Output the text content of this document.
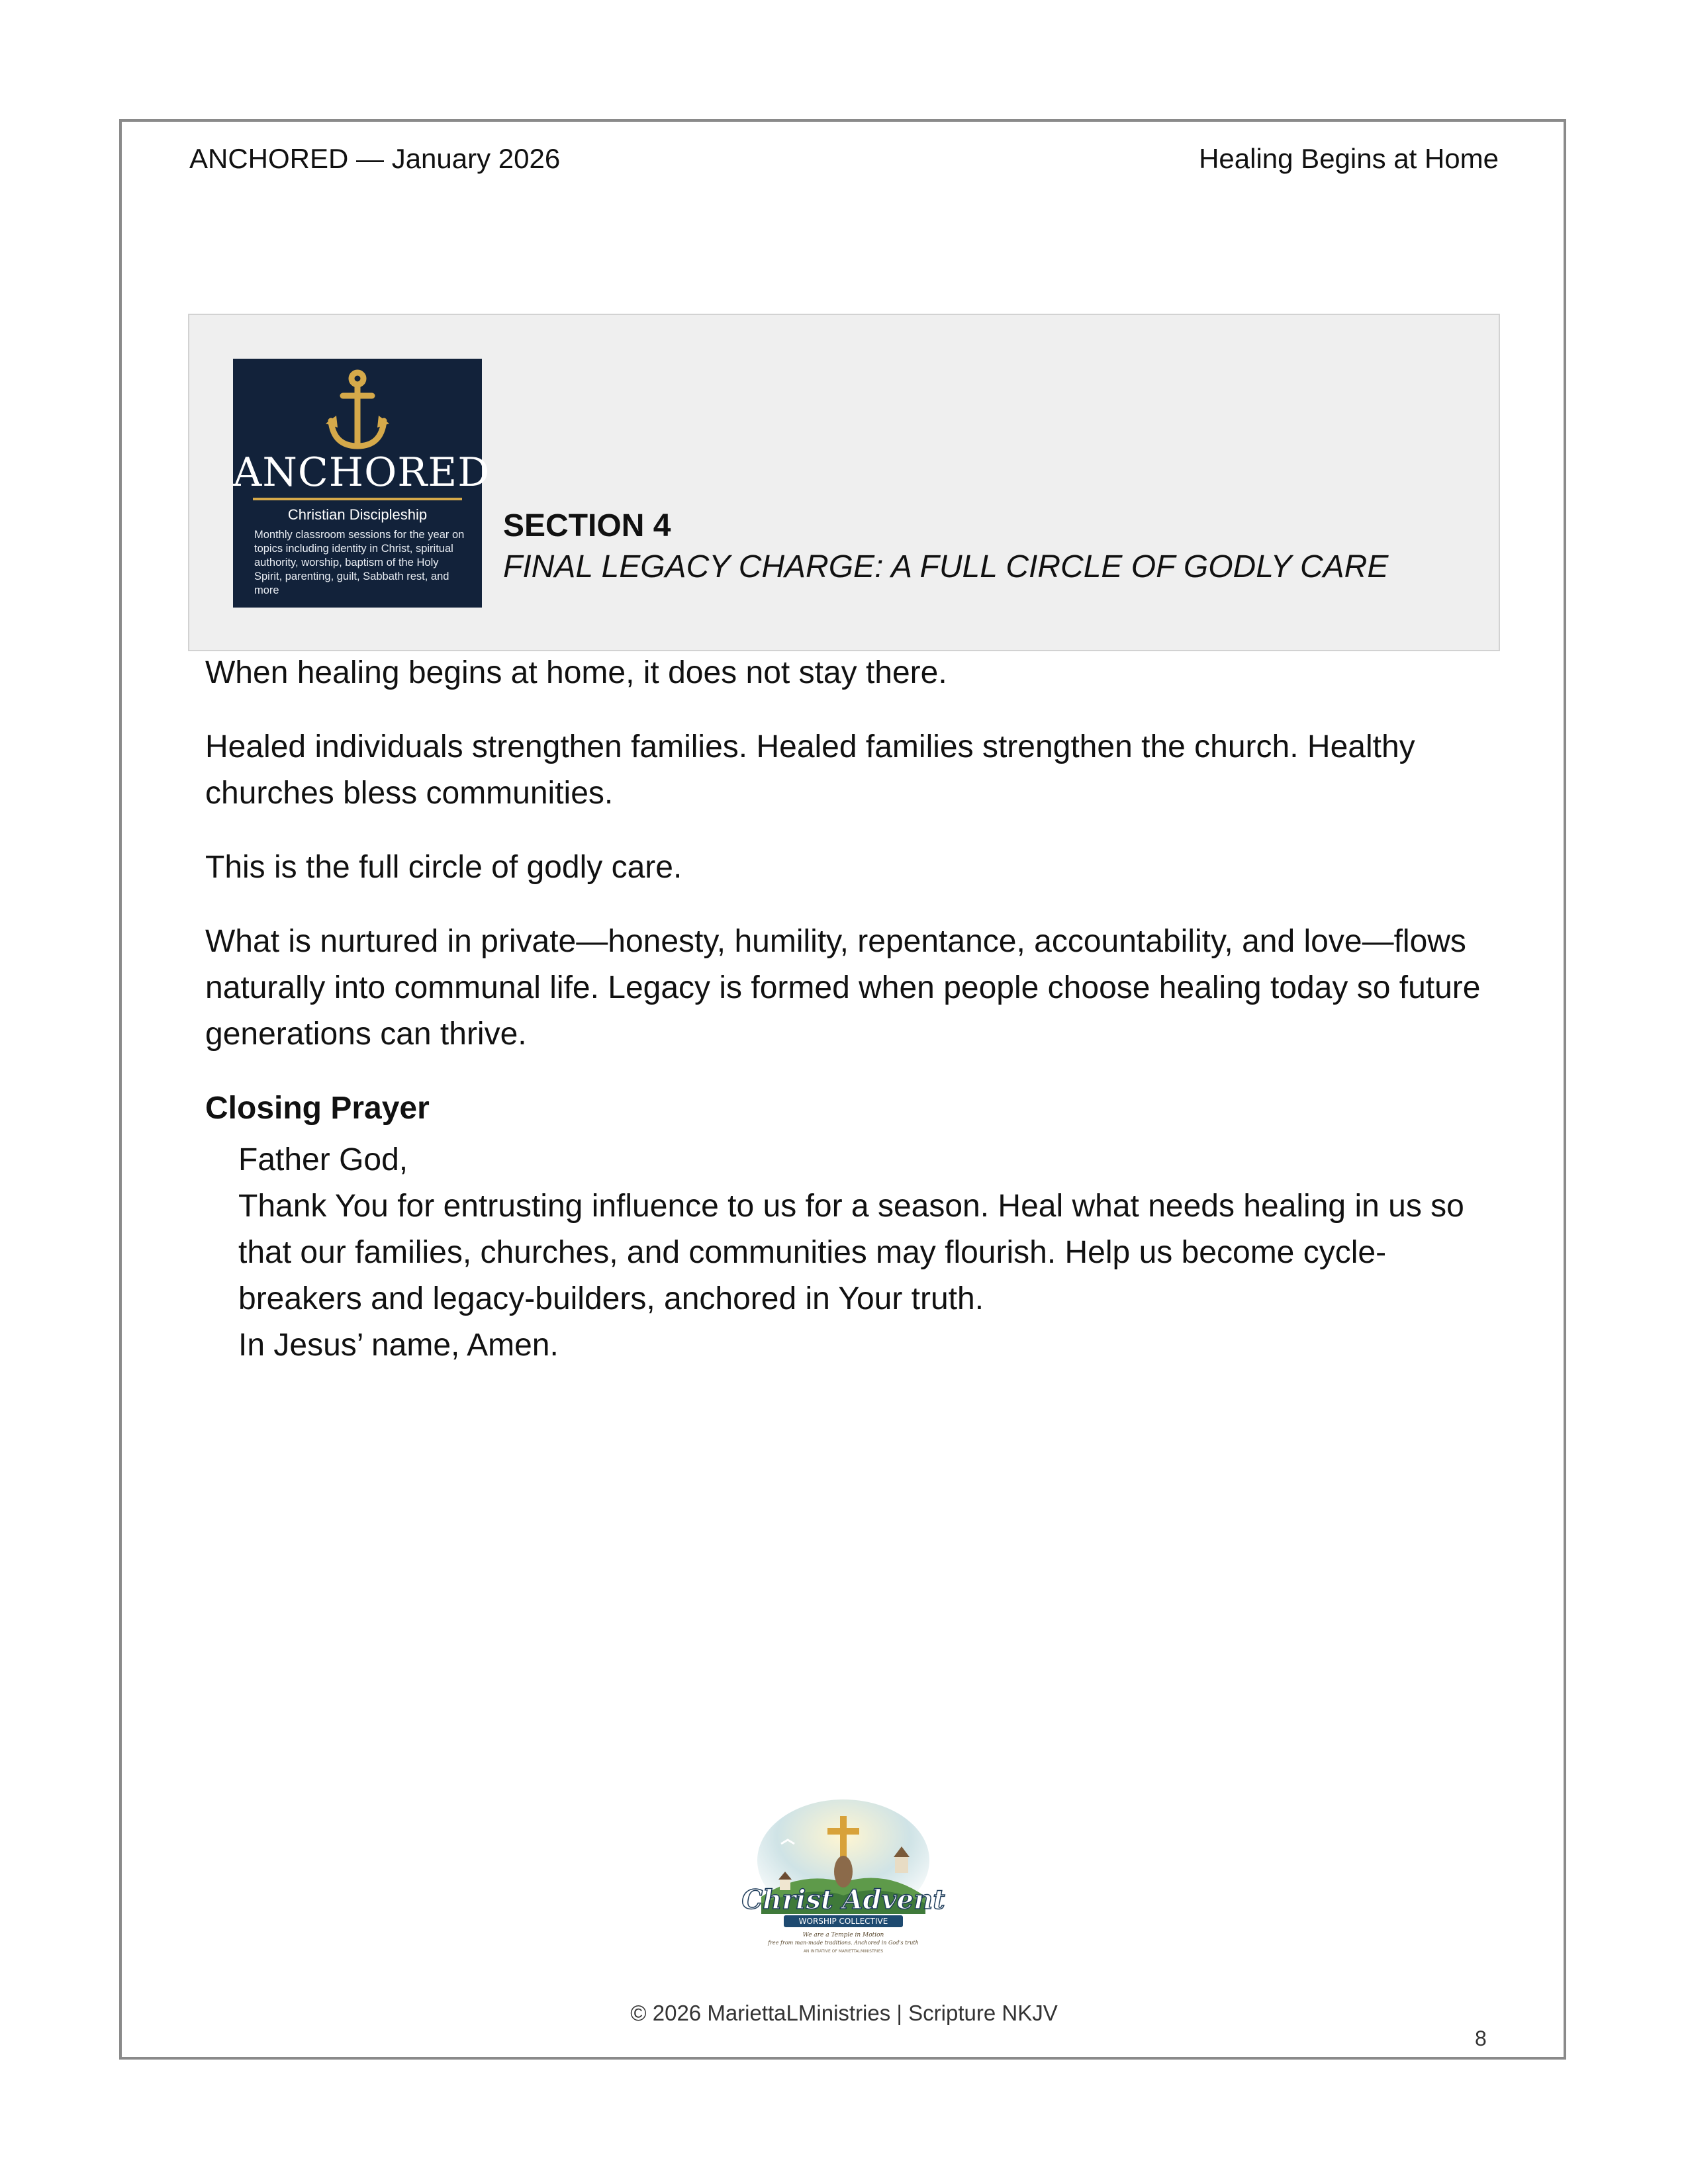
ANCHORED — January 2026	Healing Begins at Home
ANCHORED
Christian Discipleship
Monthly classroom sessions for the year on topics including identity in Christ, spiritual authority, worship, baptism of the Holy Spirit, parenting, guilt, Sabbath rest, and more
SECTION 4
FINAL LEGACY CHARGE: A FULL CIRCLE OF GODLY CARE

When healing begins at home, it does not stay there.

Healed individuals strengthen families. Healed families strengthen the church. Healthy churches bless communities.

This is the full circle of godly care.

What is nurtured in private—honesty, humility, repentance, accountability, and love—flows naturally into communal life. Legacy is formed when people choose healing today so future generations can thrive.

Closing Prayer
Father God,
Thank You for entrusting influence to us for a season. Heal what needs healing in us so that our families, churches, and communities may flourish. Help us become cycle-breakers and legacy-builders, anchored in Your truth.
In Jesus’ name, Amen.
Christ Advent
WORSHIP COLLECTIVE
We are a Temple in Motion
free from man-made traditions. Anchored in God's truth
AN INITIATIVE OF MARIETTALMINISTRIES
© 2026 MariettaLMinistries | Scripture NKJV
8
